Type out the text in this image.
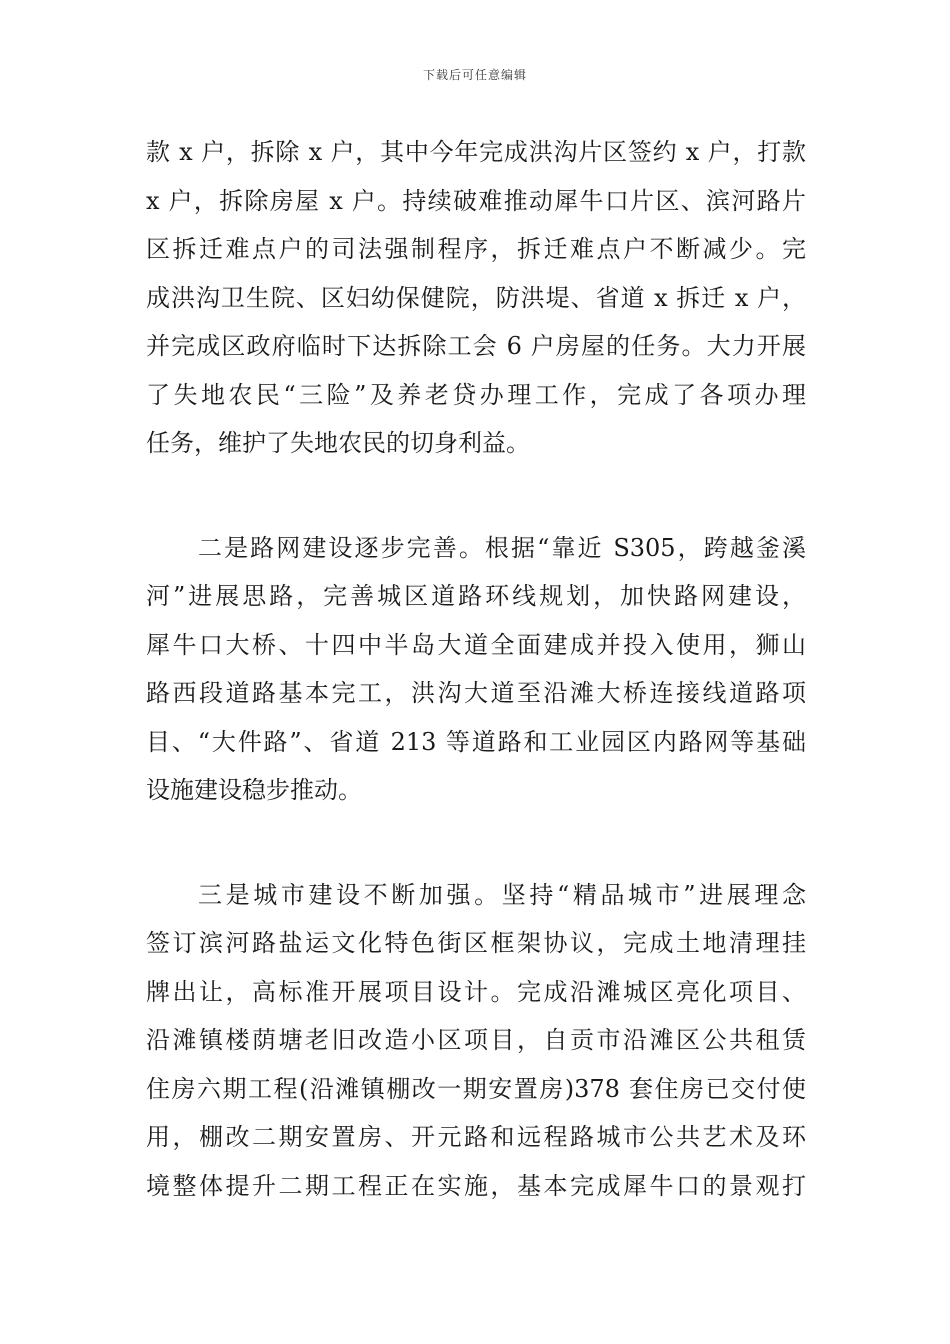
下载后可任意编辑
款 x 户，拆除 x 户，其中今年完成洪沟片区签约 x 户，打款
x 户，拆除房屋 x 户。持续破难推动犀牛口片区、滨河路片
区拆迁难点户的司法强制程序，拆迁难点户不断减少。完
成洪沟卫生院、区妇幼保健院，防洪堤、省道 x 拆迁 x 户，
并完成区政府临时下达拆除工会 6 户房屋的任务。大力开展
了失地农民“三险”及养老贷办理工作，完成了各项办理
任务，维护了失地农民的切身利益。
二是路网建设逐步完善。根据“靠近 S305，跨越釜溪
河”进展思路，完善城区道路环线规划，加快路网建设，
犀牛口大桥、十四中半岛大道全面建成并投入使用，狮山
路西段道路基本完工，洪沟大道至沿滩大桥连接线道路项
目、“大件路”、省道 213 等道路和工业园区内路网等基础
设施建设稳步推动。
三是城市建设不断加强。坚持“精品城市”进展理念
签订滨河路盐运文化特色街区框架协议，完成土地清理挂
牌出让，高标准开展项目设计。完成沿滩城区亮化项目、
沿滩镇楼荫塘老旧改造小区项目，自贡市沿滩区公共租赁
住房六期工程(沿滩镇棚改一期安置房)378 套住房已交付使
用，棚改二期安置房、开元路和远程路城市公共艺术及环
境整体提升二期工程正在实施，基本完成犀牛口的景观打
